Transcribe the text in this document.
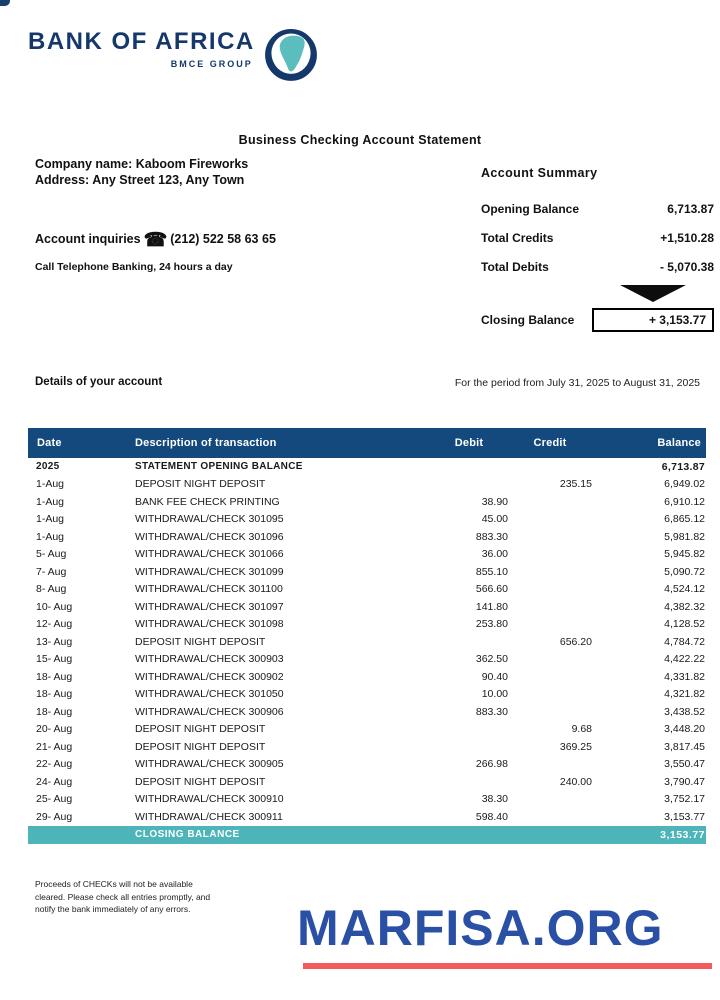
BANK OF AFRICA
BMCE GROUP
Business Checking Account Statement
Company name: Kaboom Fireworks
Address: Any Street 123, Any Town
Account inquiries ☎ (212) 522 58 63 65
Call Telephone Banking, 24 hours a day
Account Summary
Opening Balance	6,713.87
Total Credits	+1,510.28
Total Debits	- 5,070.38
Closing Balance	+ 3,153.77
Details of your account	For the period from July 31, 2025 to August 31, 2025
Date	Description of transaction	Debit	Credit	Balance
2025	STATEMENT OPENING BALANCE			6,713.87
1-Aug	DEPOSIT NIGHT DEPOSIT		235.15	6,949.02
1-Aug	BANK FEE CHECK PRINTING	38.90		6,910.12
1-Aug	WITHDRAWAL/CHECK 301095	45.00		6,865.12
1-Aug	WITHDRAWAL/CHECK 301096	883.30		5,981.82
5- Aug	WITHDRAWAL/CHECK 301066	36.00		5,945.82
7- Aug	WITHDRAWAL/CHECK 301099	855.10		5,090.72
8- Aug	WITHDRAWAL/CHECK 301100	566.60		4,524.12
10- Aug	WITHDRAWAL/CHECK 301097	141.80		4,382.32
12- Aug	WITHDRAWAL/CHECK 301098	253.80		4,128.52
13- Aug	DEPOSIT NIGHT DEPOSIT		656.20	4,784.72
15- Aug	WITHDRAWAL/CHECK 300903	362.50		4,422.22
18- Aug	WITHDRAWAL/CHECK 300902	90.40		4,331.82
18- Aug	WITHDRAWAL/CHECK 301050	10.00		4,321.82
18- Aug	WITHDRAWAL/CHECK 300906	883.30		3,438.52
20- Aug	DEPOSIT NIGHT DEPOSIT		9.68	3,448.20
21- Aug	DEPOSIT NIGHT DEPOSIT		369.25	3,817.45
22- Aug	WITHDRAWAL/CHECK 300905	266.98		3,550.47
24- Aug	DEPOSIT NIGHT DEPOSIT		240.00	3,790.47
25- Aug	WITHDRAWAL/CHECK 300910	38.30		3,752.17
29- Aug	WITHDRAWAL/CHECK 300911	598.40		3,153.77
	CLOSING BALANCE			3,153.77
Proceeds of CHECKs will not be available
cleared. Please check all entries promptly, and
notify the bank immediately of any errors.	MARFISA.ORG
